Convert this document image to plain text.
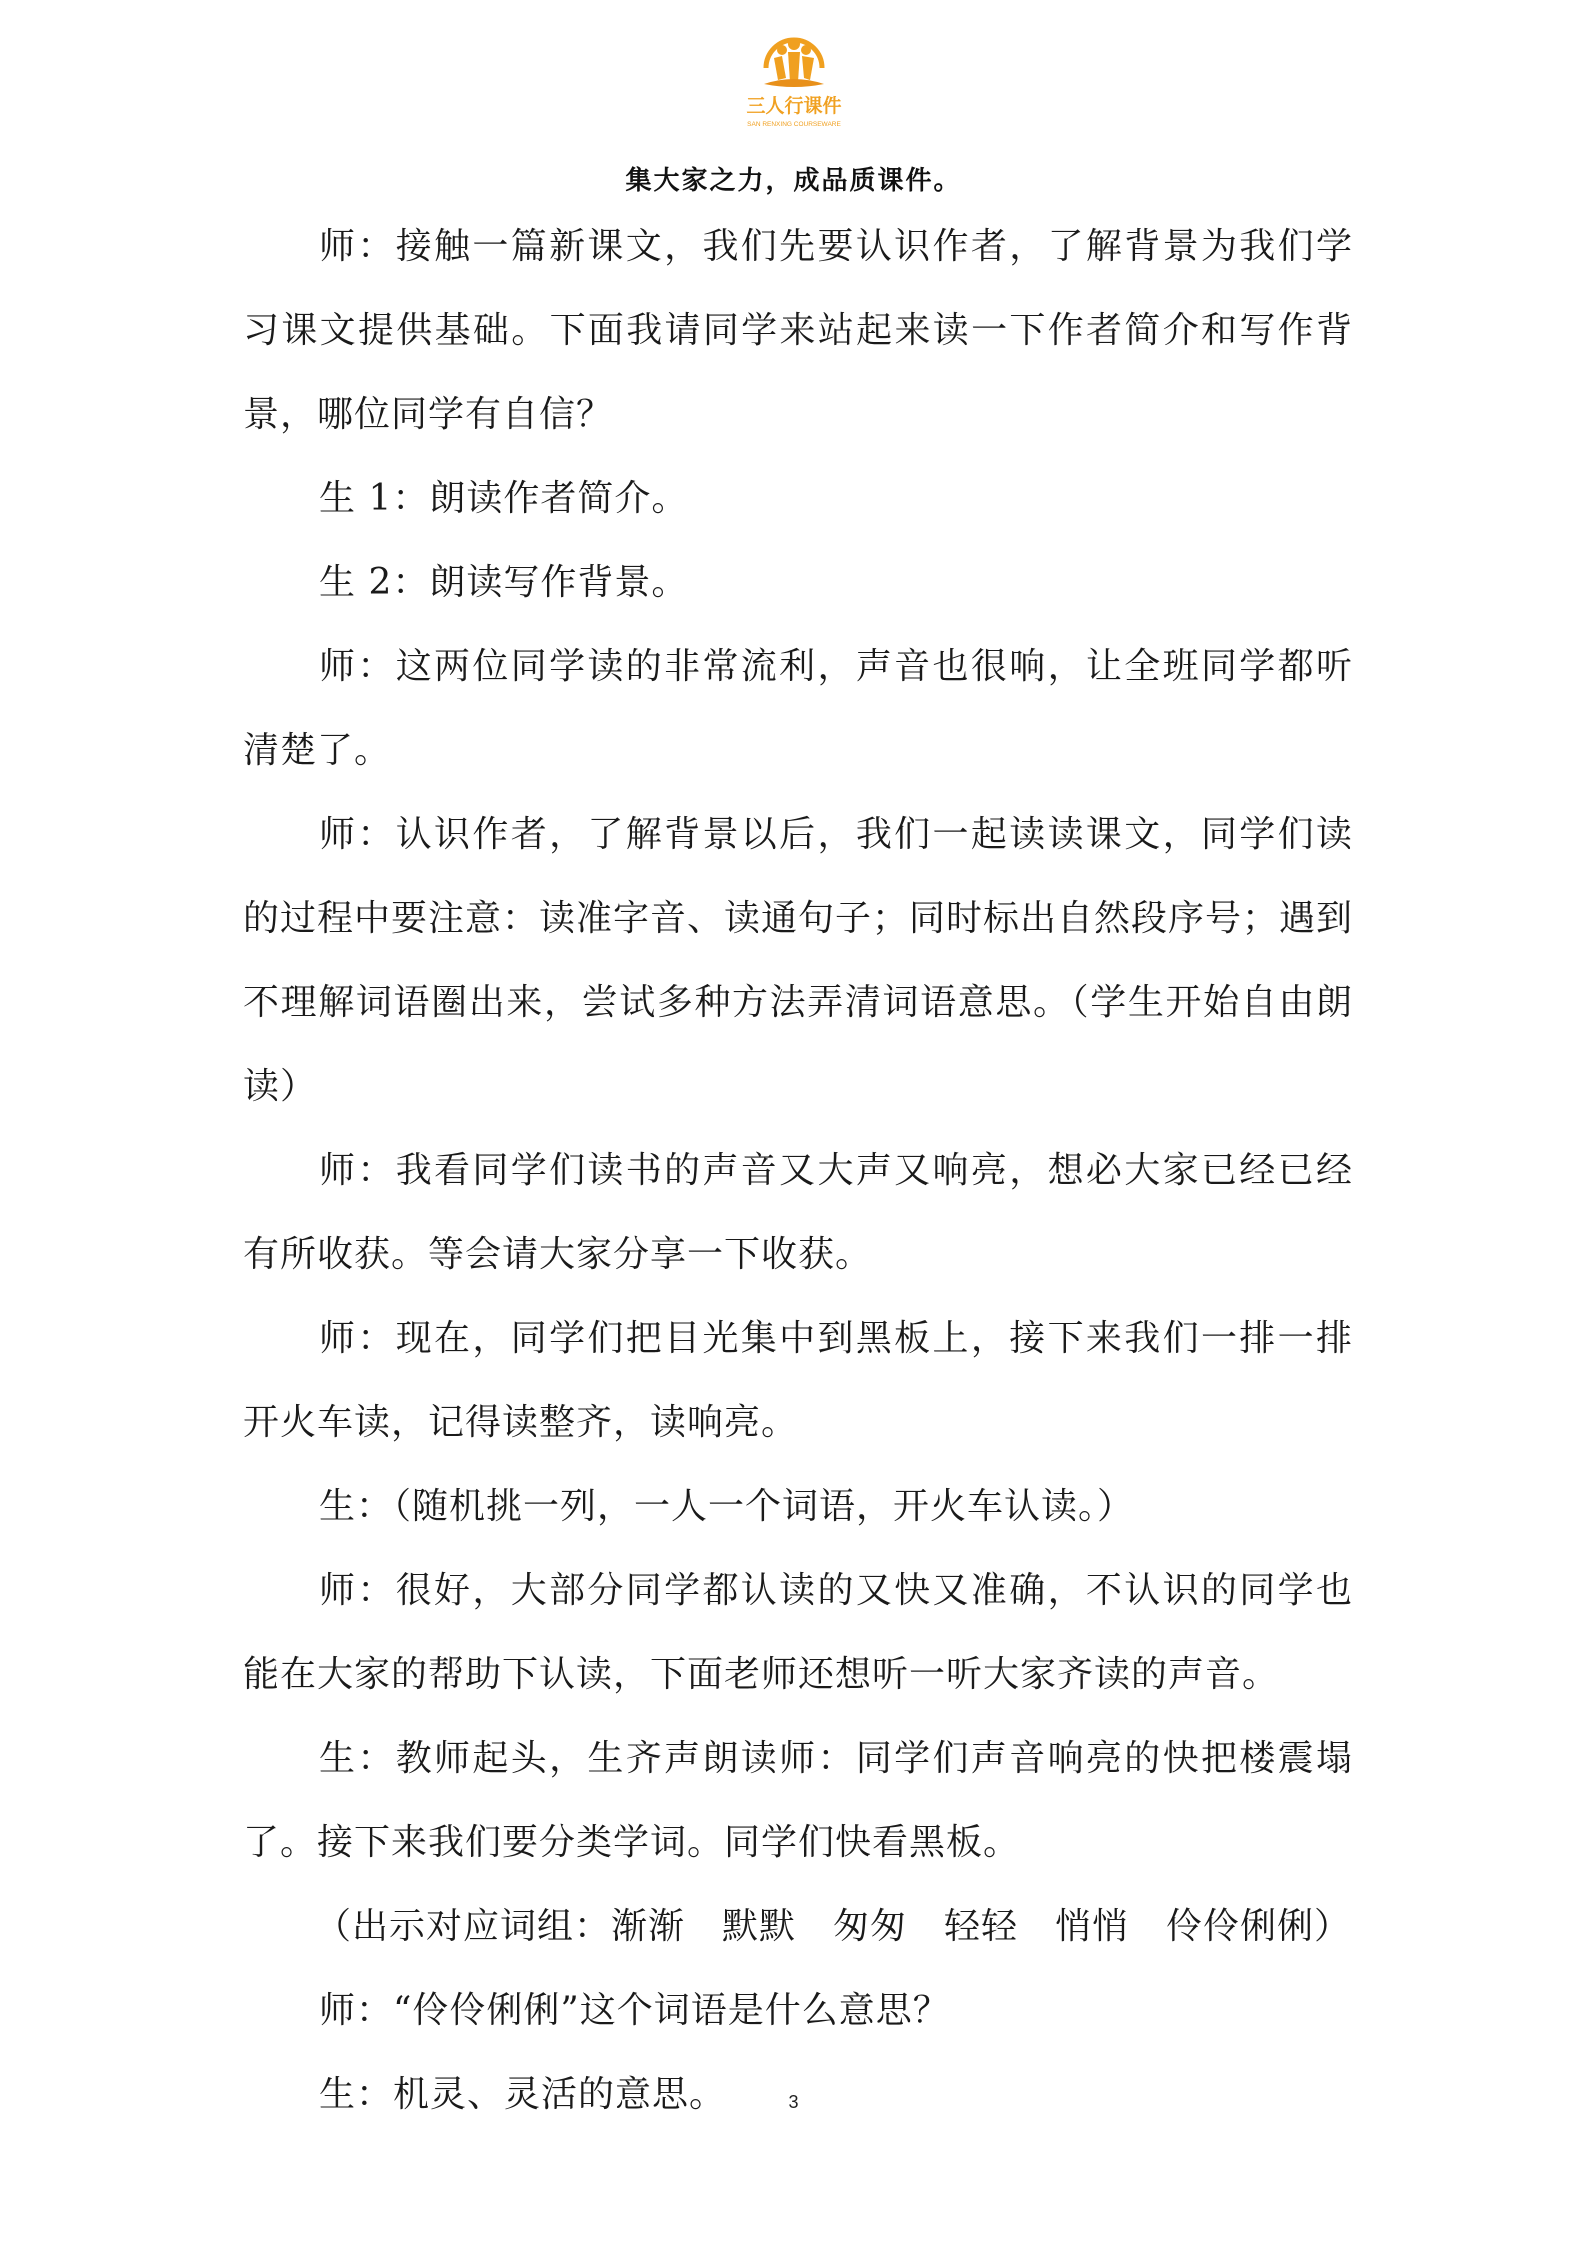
三人行课件
SAN RENXING COURSEWARE
集大家之力，成品质课件。

师：接触一篇新课文，我们先要认识作者，了解背景为我们学习课文提供基础。下面我请同学来站起来读一下作者简介和写作背景，哪位同学有自信？

生 1：朗读作者简介。

生 2：朗读写作背景。

师：这两位同学读的非常流利，声音也很响，让全班同学都听清楚了。

师：认识作者，了解背景以后，我们一起读读课文，同学们读的过程中要注意：读准字音、读通句子；同时标出自然段序号；遇到不理解词语圈出来，尝试多种方法弄清词语意思。（学生开始自由朗读）

师：我看同学们读书的声音又大声又响亮，想必大家已经已经有所收获。等会请大家分享一下收获。

师：现在，同学们把目光集中到黑板上，接下来我们一排一排开火车读，记得读整齐，读响亮。

生：（随机挑一列，一人一个词语，开火车认读。）

师：很好，大部分同学都认读的又快又准确，不认识的同学也能在大家的帮助下认读，下面老师还想听一听大家齐读的声音。

生：教师起头，生齐声朗读师：同学们声音响亮的快把楼震塌了。接下来我们要分类学词。同学们快看黑板。

（出示对应词组：渐渐　默默　匆匆　轻轻　悄悄　伶伶俐俐）

师：“伶伶俐俐”这个词语是什么意思？

生：机灵、灵活的意思。	3
